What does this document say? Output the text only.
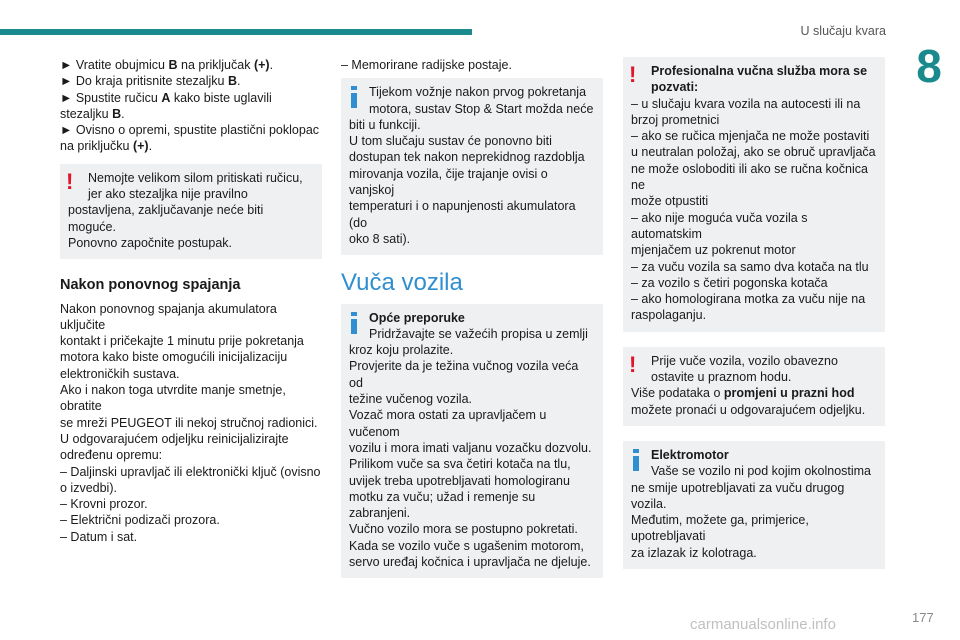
U slučaju kvara
8

► Vratite obujmicu B na priključak (+).

► Do kraja pritisnite stezaljku B.

► Spustite ručicu A kako biste uglavili stezaljku B.

► Ovisno o opremi, spustite plastični poklopac na priključku (+).

!	Nemojte velikom silom pritiskati ručicu,
jer ako stezaljka nije pravilno
postavljena, zaključavanje neće biti moguće.
Ponovno započnite postupak.
Nakon ponovnog spajanja
Nakon ponovnog spajanja akumulatora uključite
kontakt i pričekajte 1 minutu prije pokretanja
motora kako biste omogućili inicijalizaciju
elektroničkih sustava.
Ako i nakon toga utvrdite manje smetnje, obratite
se mreži PEUGEOT ili nekoj stručnoj radionici.
U odgovarajućem odjeljku reinicijalizirajte
određenu opremu:
– Daljinski upravljač ili elektronički ključ (ovisno
o izvedbi).
– Krovni prozor.
– Električni podizači prozora.
– Datum i sat.

– Memorirane radijske postaje.

Tijekom vožnje nakon prvog pokretanja
motora, sustav Stop & Start možda neće
biti u funkciji.
U tom slučaju sustav će ponovno biti
dostupan tek nakon neprekidnog razdoblja
mirovanja vozila, čije trajanje ovisi o vanjskoj
temperaturi i o napunjenosti akumulatora (do
oko 8 sati).
Vuča vozila
Opće preporuke
Pridržavajte se važećih propisa u zemlji
kroz koju prolazite.
Provjerite da je težina vučnog vozila veća od
težine vučenog vozila.
Vozač mora ostati za upravljačem u vučenom
vozilu i mora imati valjanu vozačku dozvolu.
Prilikom vuče sa sva četiri kotača na tlu,
uvijek treba upotrebljavati homologiranu
motku za vuču; užad i remenje su zabranjeni.
Vučno vozilo mora se postupno pokretati.
Kada se vozilo vuče s ugašenim motorom,
servo uređaj kočnica i upravljača ne djeluje.
!	Profesionalna vučna služba mora se
pozvati:
– u slučaju kvara vozila na autocesti ili na
brzoj prometnici
– ako se ručica mjenjača ne može postaviti
u neutralan položaj, ako se obruč upravljača
ne može osloboditi ili ako se ručna kočnica ne
može otpustiti
– ako nije moguća vuča vozila s automatskim
mjenjačem uz pokrenut motor
– za vuču vozila sa samo dva kotača na tlu
– za vozilo s četiri pogonska kotača
– ako homologirana motka za vuču nije na
raspolaganju.
!	Prije vuče vozila, vozilo obavezno
ostavite u praznom hodu.
Više podataka o promjeni u prazni hod
možete pronaći u odgovarajućem odjeljku.
Elektromotor
Vaše se vozilo ni pod kojim okolnostima
ne smije upotrebljavati za vuču drugog vozila.
Međutim, možete ga, primjerice, upotrebljavati
za izlazak iz kolotraga.
carmanualsonline.info	177
